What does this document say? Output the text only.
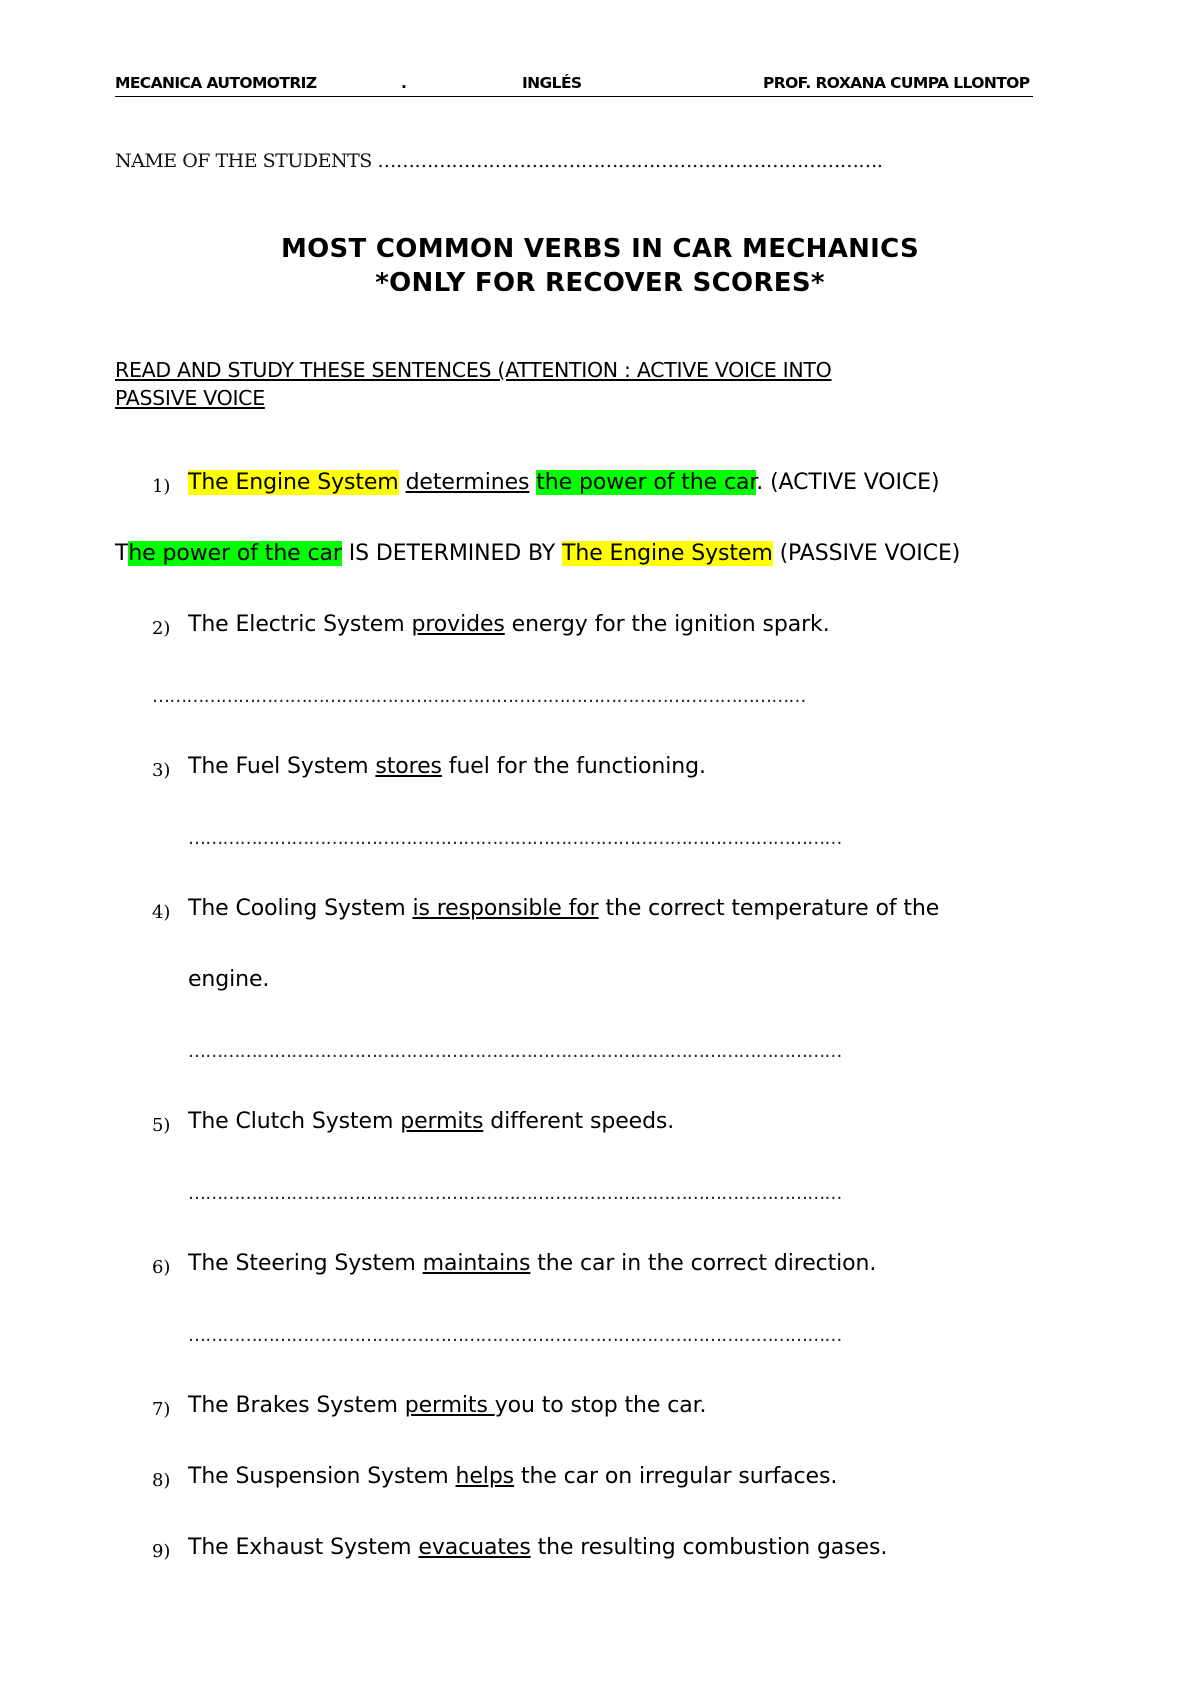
MECANICA AUTOMOTRIZ	.	INGLÉS	PROF. ROXANA CUMPA LLONTOP
NAME OF THE STUDENTS ……………………………………………………………………….
MOST COMMON VERBS IN CAR MECHANICS
*ONLY FOR RECOVER SCORES*
READ AND STUDY THESE SENTENCES (ATTENTION : ACTIVE VOICE INTO
PASSIVE VOICE
1) The Engine System determines the power of the car. (ACTIVE VOICE)
The power of the car IS DETERMINED BY The Engine System (PASSIVE VOICE)
2) The Electric System provides energy for the ignition spark.
……………………………………………………………………………………………………
3) The Fuel System stores fuel for the functioning.
……………………………………………………………………………………………………
4) The Cooling System is responsible for the correct temperature of the
engine.
……………………………………………………………………………………………………
5) The Clutch System permits different speeds.
……………………………………………………………………………………………………
6) The Steering System maintains the car in the correct direction.
……………………………………………………………………………………………………
7) The Brakes System permits you to stop the car.
8) The Suspension System helps the car on irregular surfaces.
9) The Exhaust System evacuates the resulting combustion gases.
